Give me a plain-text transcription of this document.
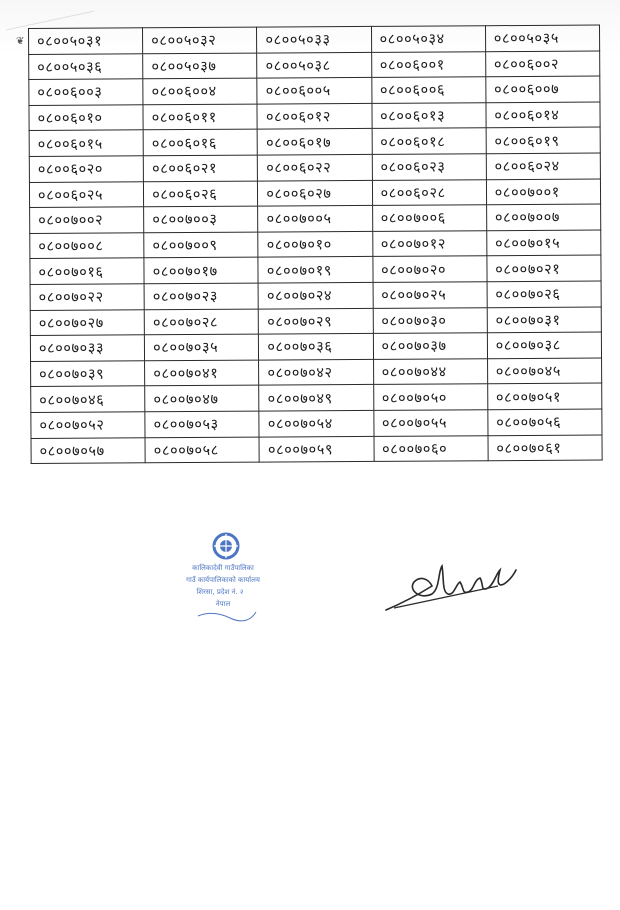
❦ ०८००५०३१	०८००५०३२	०८००५०३३	०८००५०३४	०८००५०३५
०८००५०३६	०८००५०३७	०८००५०३८	०८००६००१	०८००६००२
०८००६००३	०८००६००४	०८००६००५	०८००६००६	०८००६००७
०८००६०१०	०८००६०११	०८००६०१२	०८००६०१३	०८००६०१४
०८००६०१५	०८००६०१६	०८००६०१७	०८००६०१८	०८००६०१९
०८००६०२०	०८००६०२१	०८००६०२२	०८००६०२३	०८००६०२४
०८००६०२५	०८००६०२६	०८००६०२७	०८००६०२८	०८००७००१
०८००७००२	०८००७००३	०८००७००५	०८००७००६	०८००७००७
०८००७००८	०८००७००९	०८००७०१०	०८००७०१२	०८००७०१५
०८००७०१६	०८००७०१७	०८००७०१९	०८००७०२०	०८००७०२१
०८००७०२२	०८००७०२३	०८००७०२४	०८००७०२५	०८००७०२६
०८००७०२७	०८००७०२८	०८००७०२९	०८००७०३०	०८००७०३१
०८००७०३३	०८००७०३५	०८००७०३६	०८००७०३७	०८००७०३८
०८००७०३९	०८००७०४१	०८००७०४२	०८००७०४४	०८००७०४५
०८००७०४६	०८००७०४७	०८००७०४९	०८००७०५०	०८००७०५१
०८००७०५२	०८००७०५३	०८००७०५४	०८००७०५५	०८००७०५६
०८००७०५७	०८००७०५८	०८००७०५९	०८००७०६०	०८००७०६१
कालिकादेवी गाउँपालिका
गाउँ कार्यपालिकाको कार्यालय
शिरसा, प्रदेश नं. २
नेपाल
